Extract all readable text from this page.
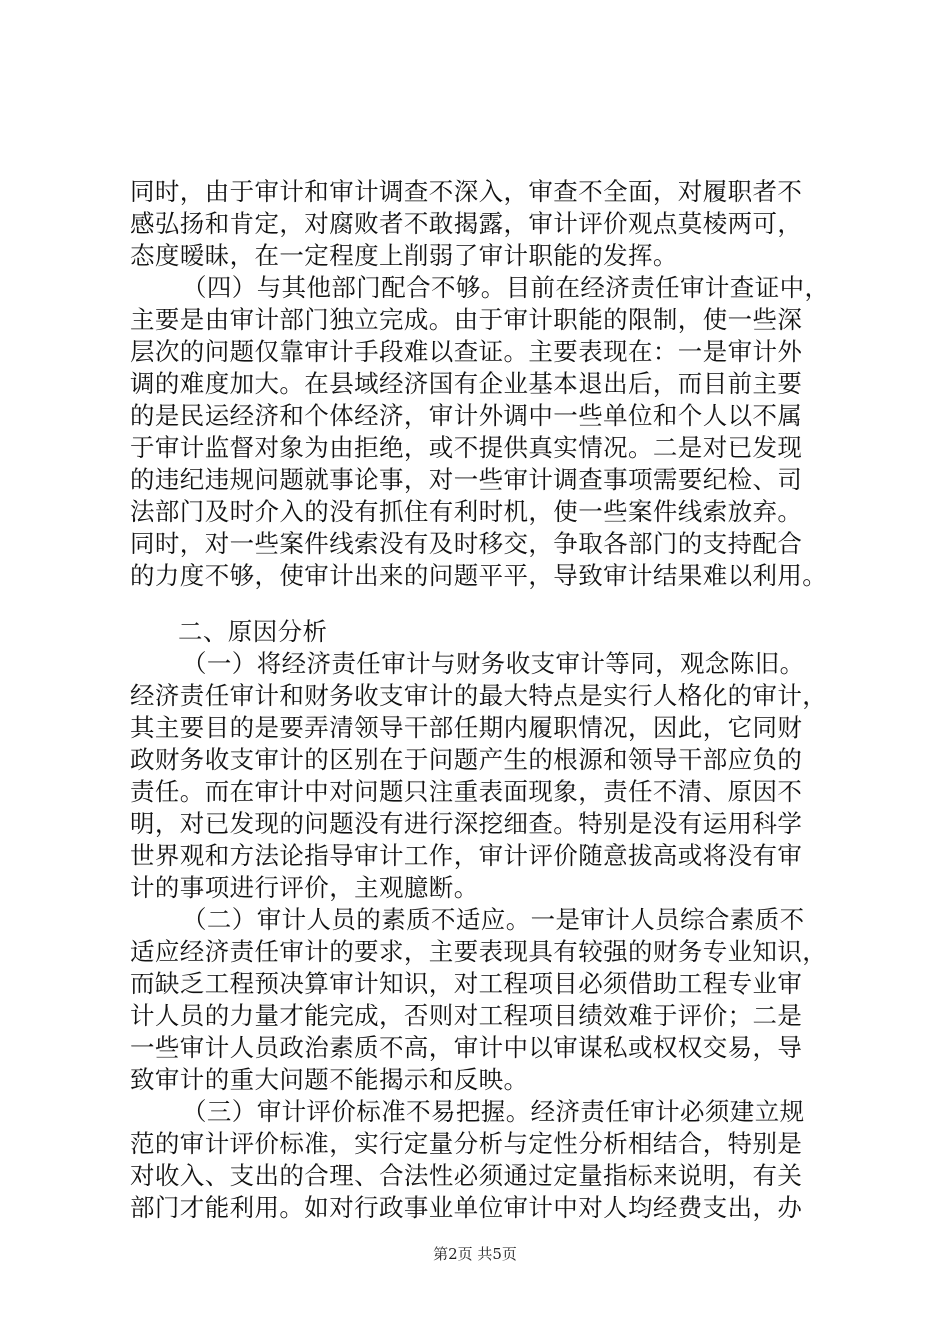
同时，由于审计和审计调查不深入，审查不全面，对履职者不
感弘扬和肯定，对腐败者不敢揭露，审计评价观点莫棱两可，
态度暧昧，在一定程度上削弱了审计职能的发挥。
（四）与其他部门配合不够。目前在经济责任审计查证中，
主要是由审计部门独立完成。由于审计职能的限制，使一些深
层次的问题仅靠审计手段难以查证。主要表现在：一是审计外
调的难度加大。在县域经济国有企业基本退出后，而目前主要
的是民运经济和个体经济，审计外调中一些单位和个人以不属
于审计监督对象为由拒绝，或不提供真实情况。二是对已发现
的违纪违规问题就事论事，对一些审计调查事项需要纪检、司
法部门及时介入的没有抓住有利时机，使一些案件线索放弃。
同时，对一些案件线索没有及时移交，争取各部门的支持配合
的力度不够，使审计出来的问题平平，导致审计结果难以利用。
二、原因分析
（一）将经济责任审计与财务收支审计等同，观念陈旧。
经济责任审计和财务收支审计的最大特点是实行人格化的审计，
其主要目的是要弄清领导干部任期内履职情况，因此，它同财
政财务收支审计的区别在于问题产生的根源和领导干部应负的
责任。而在审计中对问题只注重表面现象，责任不清、原因不
明，对已发现的问题没有进行深挖细查。特别是没有运用科学
世界观和方法论指导审计工作，审计评价随意拔高或将没有审
计的事项进行评价，主观臆断。
（二）审计人员的素质不适应。一是审计人员综合素质不
适应经济责任审计的要求，主要表现具有较强的财务专业知识，
而缺乏工程预决算审计知识，对工程项目必须借助工程专业审
计人员的力量才能完成，否则对工程项目绩效难于评价；二是
一些审计人员政治素质不高，审计中以审谋私或权权交易，导
致审计的重大问题不能揭示和反映。
（三）审计评价标准不易把握。经济责任审计必须建立规
范的审计评价标准，实行定量分析与定性分析相结合，特别是
对收入、支出的合理、合法性必须通过定量指标来说明，有关
部门才能利用。如对行政事业单位审计中对人均经费支出，办
第2页 共5页
